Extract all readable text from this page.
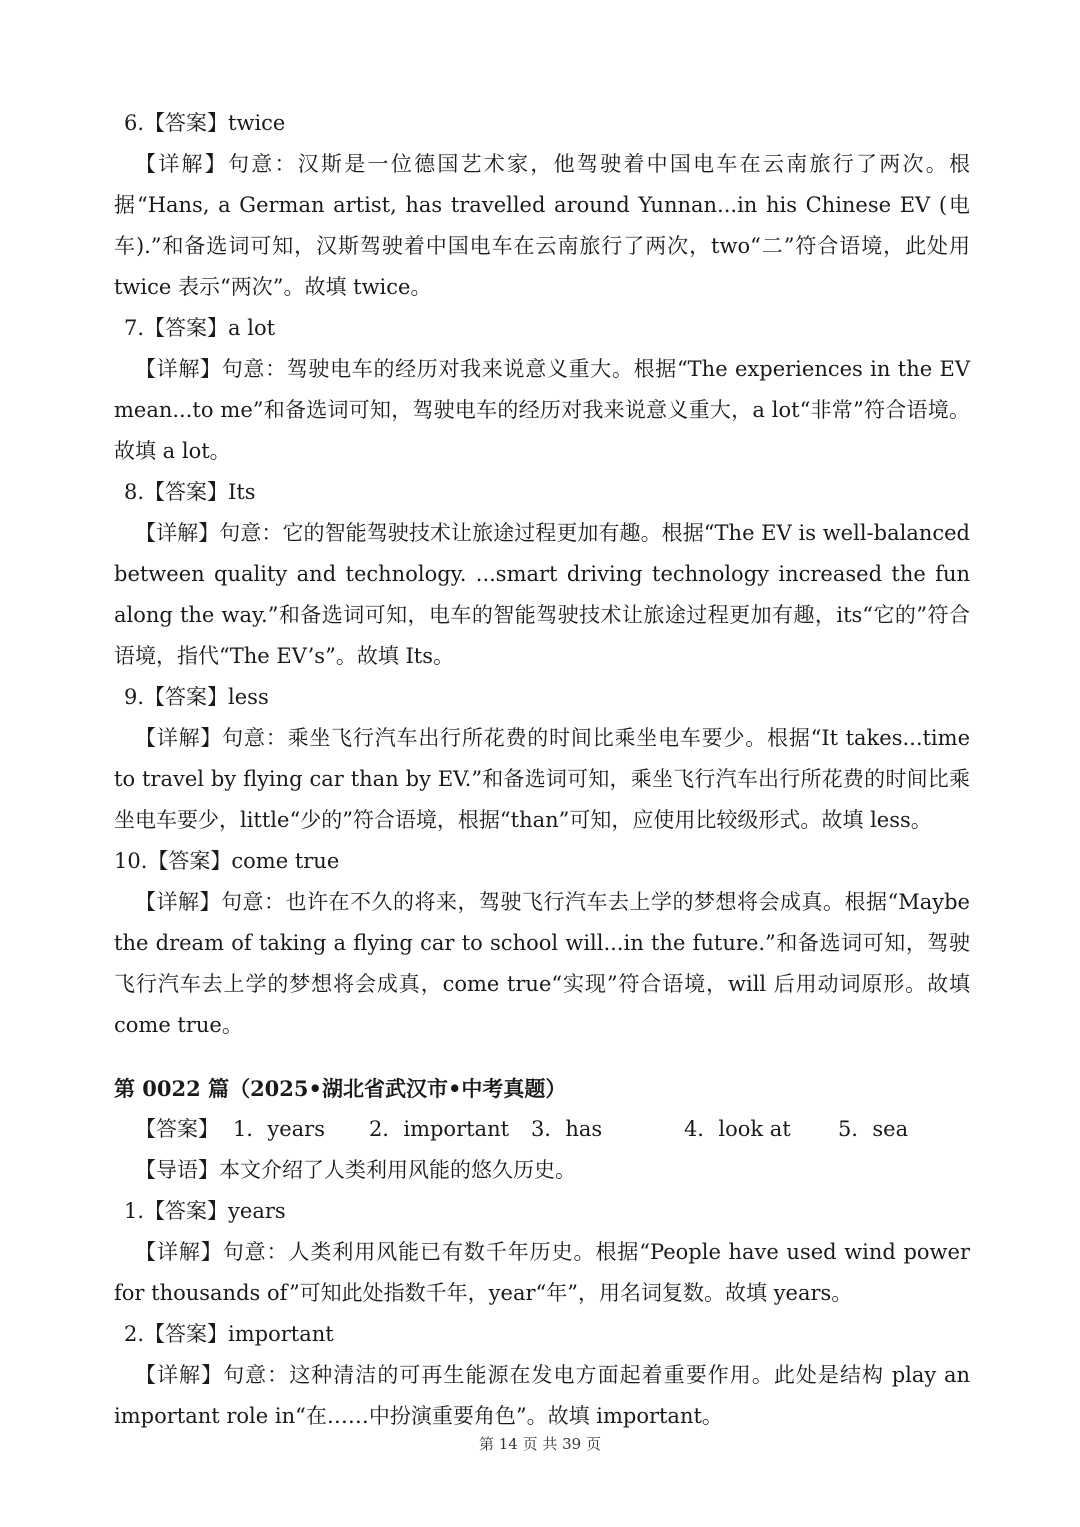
6.【答案】twice

【详解】句意：汉斯是一位德国艺术家，他驾驶着中国电车在云南旅行了两次。根据“Hans, a German artist, has travelled around Yunnan...in his Chinese EV (电车).”和备选词可知，汉斯驾驶着中国电车在云南旅行了两次，two“二”符合语境，此处用 twice 表示“两次”。故填 twice。

7.【答案】a lot

【详解】句意：驾驶电车的经历对我来说意义重大。根据“The experiences in the EV mean...to me”和备选词可知，驾驶电车的经历对我来说意义重大，a lot“非常”符合语境。故填 a lot。

8.【答案】Its

【详解】句意：它的智能驾驶技术让旅途过程更加有趣。根据“The EV is well-balanced between quality and technology. ...smart driving technology increased the fun along the way.”和备选词可知，电车的智能驾驶技术让旅途过程更加有趣，its“它的”符合语境，指代“The EV’s”。故填 Its。

9.【答案】less

【详解】句意：乘坐飞行汽车出行所花费的时间比乘坐电车要少。根据“It takes...time to travel by flying car than by EV.”和备选词可知，乘坐飞行汽车出行所花费的时间比乘坐电车要少，little“少的”符合语境，根据“than”可知，应使用比较级形式。故填 less。

10.【答案】come true

【详解】句意：也许在不久的将来，驾驶飞行汽车去上学的梦想将会成真。根据“Maybe the dream of taking a flying car to school will...in the future.”和备选词可知，驾驶飞行汽车去上学的梦想将会成真，come true“实现”符合语境，will 后用动词原形。故填 come true。

第 0022 篇（2025•湖北省武汉市•中考真题）

【答案】 1．years	2．important	3．has	4．look at	5．sea

【导语】本文介绍了人类利用风能的悠久历史。

1.【答案】years

【详解】句意：人类利用风能已有数千年历史。根据“People have used wind power for thousands of”可知此处指数千年，year“年”，用名词复数。故填 years。

2.【答案】important

【详解】句意：这种清洁的可再生能源在发电方面起着重要作用。此处是结构 play an important role in“在……中扮演重要角色”。故填 important。

第 14 页 共 39 页
